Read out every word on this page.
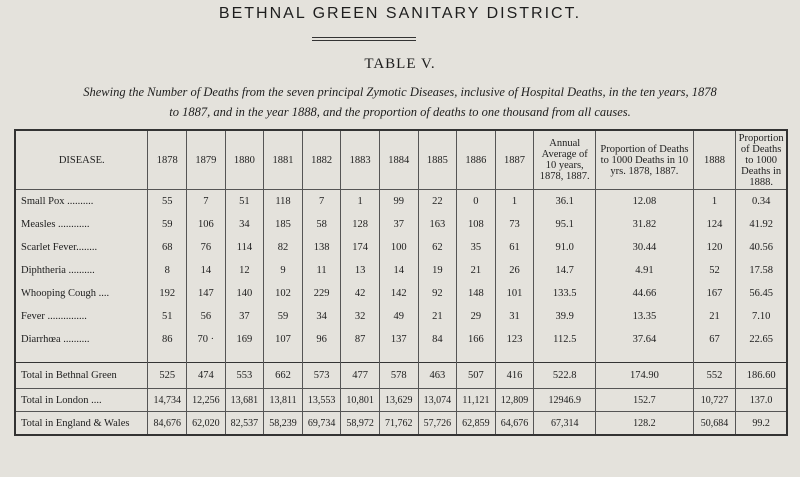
BETHNAL GREEN SANITARY DISTRICT.
TABLE V.
Shewing the Number of Deaths from the seven principal Zymotic Diseases, inclusive of Hospital Deaths, in the ten years, 1878
to 1887, and in the year 1888, and the proportion of deaths to one thousand from all causes.
DISEASE.	1878	1879	1880	1881	1882	1883	1884	1885	1886	1887	Annual Average of 10 years, 1878, 1887.	Proportion of Deaths to 1000 Deaths in 10 yrs. 1878, 1887.	1888	Proportion of Deaths to 1000 Deaths in 1888.
Small Pox ..........	55	7	51	118	7	1	99	22	0	1	36.1	12.08	1	0.34
Measles ............	59	106	34	185	58	128	37	163	108	73	95.1	31.82	124	41.92
Scarlet Fever........	68	76	114	82	138	174	100	62	35	61	91.0	30.44	120	40.56
Diphtheria ..........	8	14	12	9	11	13	14	19	21	26	14.7	4.91	52	17.58
Whooping Cough ....	192	147	140	102	229	42	142	92	148	101	133.5	44.66	167	56.45
Fever ...............	51	56	37	59	34	32	49	21	29	31	39.9	13.35	21	7.10
Diarrhœa ..........	86	70 ·	169	107	96	87	137	84	166	123	112.5	37.64	67	22.65

Total in Bethnal Green	525	474	553	662	573	477	578	463	507	416	522.8	174.90	552	186.60
Total in London ....	14,734	12,256	13,681	13,811	13,553	10,801	13,629	13,074	11,121	12,809	12946.9	152.7	10,727	137.0
Total in England & Wales	84,676	62,020	82,537	58,239	69,734	58,972	71,762	57,726	62,859	64,676	67,314	128.2	50,684	99.2
